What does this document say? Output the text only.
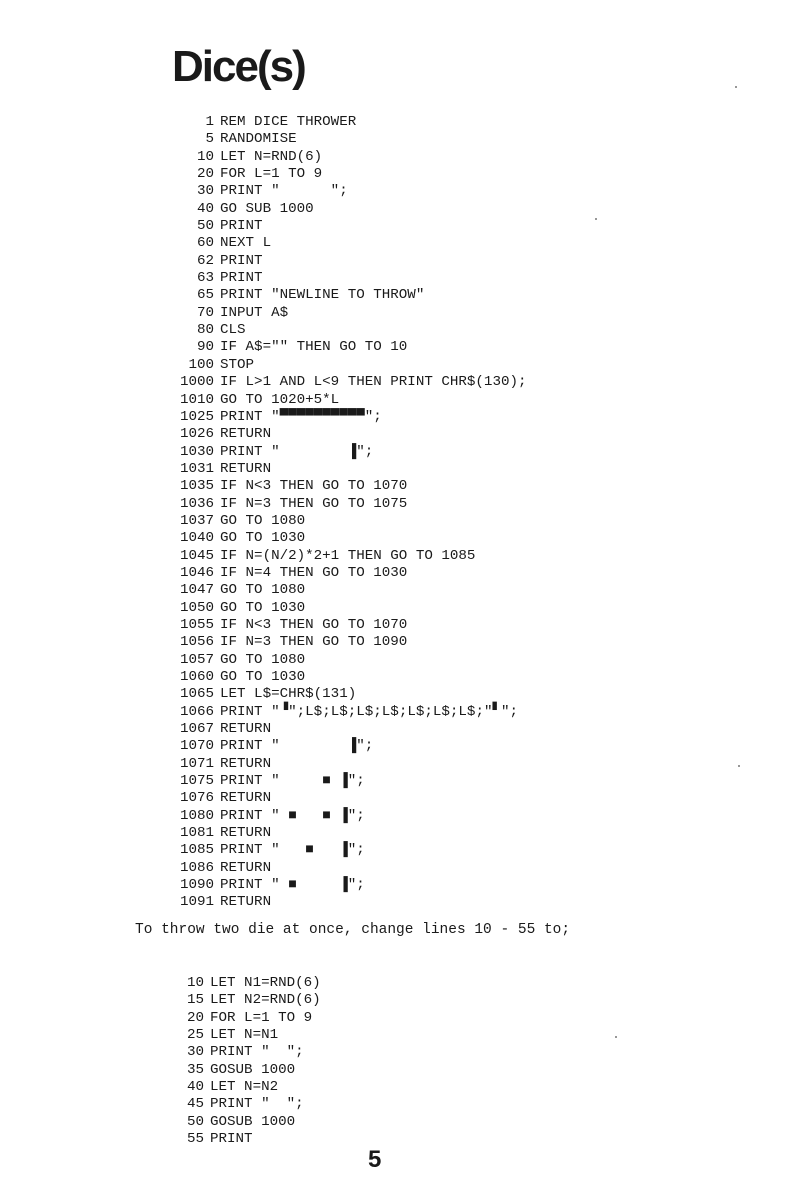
Dice(s)
1 REM DICE THROWER
5 RANDOMISE
10 LET N=RND(6)
20 FOR L=1 TO 9
30 PRINT "      ";
40 GO SUB 1000
50 PRINT
60 NEXT L
62 PRINT
63 PRINT
65 PRINT "NEWLINE TO THROW"
70 INPUT A$
80 CLS
90 IF A$="" THEN GO TO 10
100 STOP
1000 IF L>1 AND L<9 THEN PRINT CHR$(130);
1010 GO TO 1020+5*L
1025 PRINT "▀▀▀▀▀▀▀▀▀▀";
1026 RETURN
1030 PRINT "        ▐";
1031 RETURN
1035 IF N<3 THEN GO TO 1070
1036 IF N=3 THEN GO TO 1075
1037 GO TO 1080
1040 GO TO 1030
1045 IF N=(N/2)*2+1 THEN GO TO 1085
1046 IF N=4 THEN GO TO 1030
1047 GO TO 1080
1050 GO TO 1030
1055 IF N<3 THEN GO TO 1070
1056 IF N=3 THEN GO TO 1090
1057 GO TO 1080
1060 GO TO 1030
1065 LET L$=CHR$(131)
1066 PRINT "▝";L$;L$;L$;L$;L$;L$;L$;"▘";
1067 RETURN
1070 PRINT "        ▐";
1071 RETURN
1075 PRINT "     ■ ▐";
1076 RETURN
1080 PRINT " ■   ■ ▐";
1081 RETURN
1085 PRINT "   ■   ▐";
1086 RETURN
1090 PRINT " ■     ▐";
1091 RETURN

To throw two die at once, change lines 10 - 55 to;

10 LET N1=RND(6)
15 LET N2=RND(6)
20 FOR L=1 TO 9
25 LET N=N1
30 PRINT "  ";
35 GOSUB 1000
40 LET N=N2
45 PRINT "  ";
50 GOSUB 1000
55 PRINT
5
